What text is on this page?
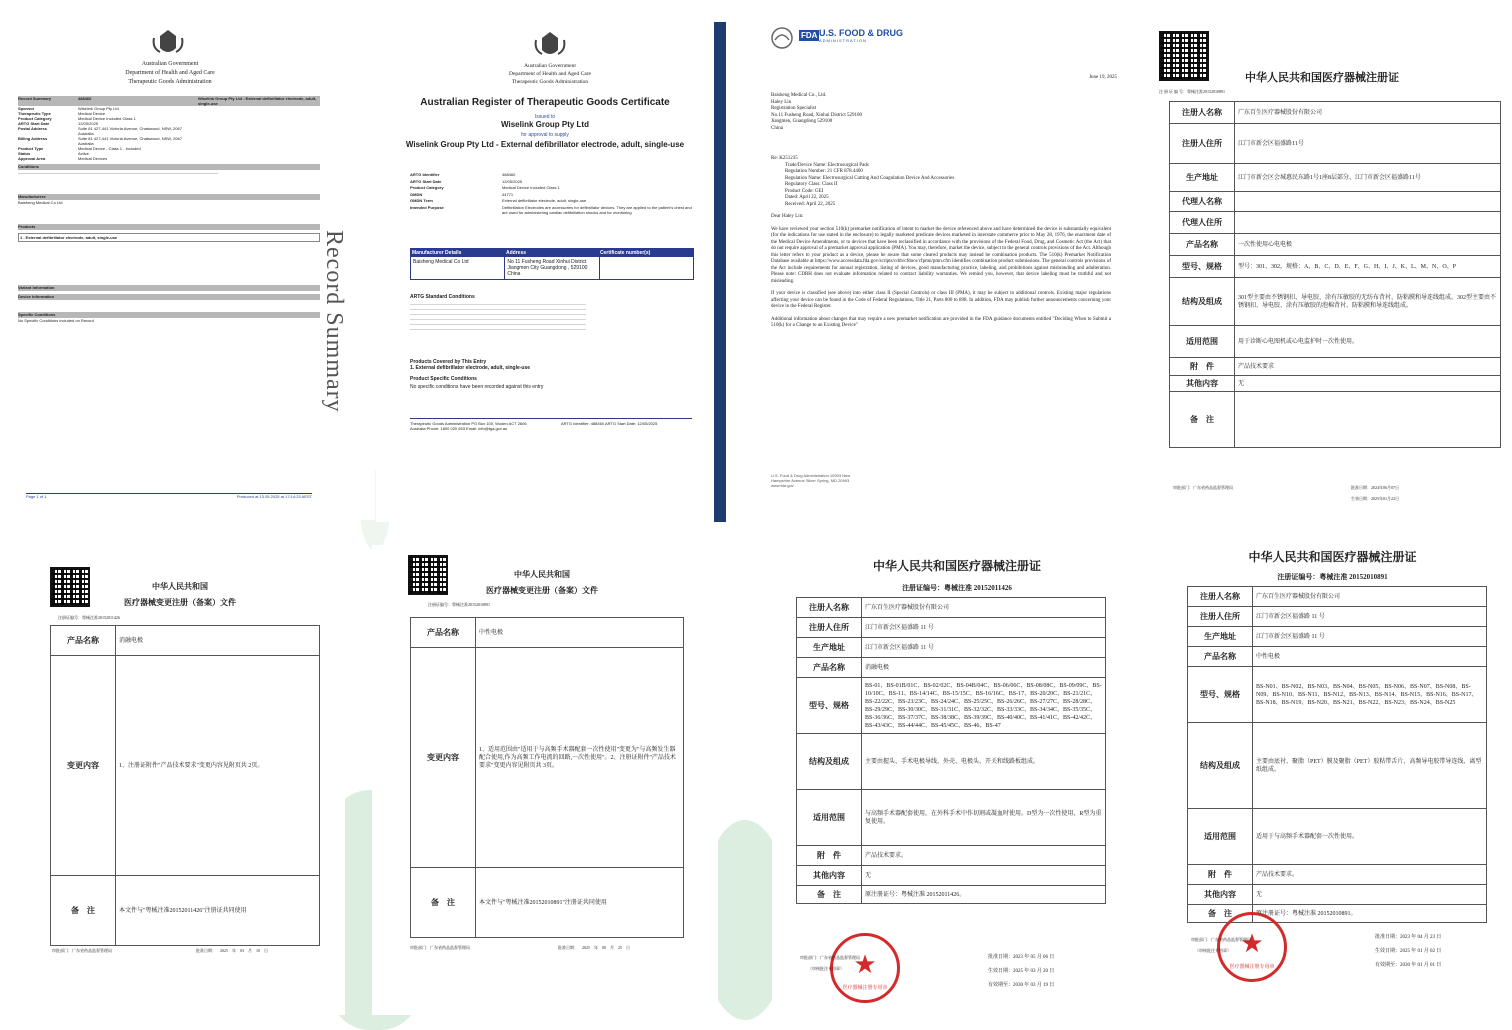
Australian Government
Department of Health and Aged Care
Therapeutic Goods Administration
Record Summary	488460	Wiselink Group Pty Ltd - External defibrillator electrode, adult, single-use
Sponsor	Wiselink Group Pty Ltd
Therapeutic Type	Medical Device
Product Category	Medical Device Included Class 1
ARTG Start Date	12/05/2025
Postal Address	Suite 81 427-441 Victoria Avenue, Chatswood, NSW, 2067 Australia
Billing Address	Suite 81 427-441 Victoria Avenue, Chatswood, NSW, 2067 Australia
Product Type	Medical Device - Class 1 - Included
Status	Active
Approval Area	Medical Devices
Conditions
——————————————————————————————————————————————————
Manufacturers
Baisheng Medical Co Ltd
Products
1 . External defibrillator electrode, adult, single-use
Variant Information
Device Information
Specific Conditions
No Specific Conditions included on Record	Record Summary
Page 1 of 1	Produced at 13.05.2025 at 17:14:23 AEST
Australian Government
Department of Health and Aged Care
Therapeutic Goods Administration
Australian Register of Therapeutic Goods Certificate
Issued to
Wiselink Group Pty Ltd
for approval to supply
Wiselink Group Pty Ltd - External defibrillator electrode, adult, single-use
ARTG Identifier	488460
ARTG Start Date	12/05/2025
Product Category	Medical Device Included Class 1
GMDN	44771
GMDN Term	External defibrillator electrode, adult, single-use
Intended Purpose	Defibrillation Electrodes are accessories for defibrillator devices. They are applied to the patient's chest and are used for administering cardiac defibrillation shocks and for monitoring
Manufacturer Details	Address	Certificate number(s)
Baisheng Medical Co Ltd	No 11 Fusheng Road Xinhui District Jiangmen City Guangdong , 529100 China
ARTG Standard Conditions
————————————————————————————————————————————
————————————————————————————————————————————
————————————————————————————————————————————
————————————————————————————————————————————
————————————————————————————————————————————
————————————————————————————————————————————
Products Covered by This Entry
1. External defibrillator electrode, adult, single-use
Product Specific Conditions
No specific conditions have been recorded against this entry
Therapeutic Goods Administration PO Box 100, Woden ACT 2606 Australia Phone: 1800 020 653 Email: info@tga.gov.au
ARTG Identifier: 488460 ARTG Start Date: 12/05/2025
FDA U.S. FOOD & DRUG
ADMINISTRATION
June 19, 2025
Baisheng Medical Co., Ltd.
Haley Lin
Registration Specialist
No.11 Fusheng Road, Xinhui District 529100
Jiangmen, Guangdong 529100
China
Re: K251235
Trade/Device Name: Electrosurgical Pads
Regulation Number: 21 CFR 878.4400
Regulation Name: Electrosurgical Cutting And Coagulation Device And Accessories
Regulatory Class: Class II
Product Code: GEI
Dated: April 22, 2025
Received: April 22, 2025
Dear Haley Lin:
We have reviewed your section 510(k) premarket notification of intent to market the device referenced above and have determined the device is substantially equivalent (for the indications for use stated in the enclosure) to legally marketed predicate devices marketed in interstate commerce prior to May 28, 1976, the enactment date of the Medical Device Amendments, or to devices that have been reclassified in accordance with the provisions of the Federal Food, Drug, and Cosmetic Act (the Act) that do not require approval of a premarket approval application (PMA). You may, therefore, market the device, subject to the general controls provisions of the Act. Although this letter refers to your product as a device, please be aware that some cleared products may instead be combination products. The 510(k) Premarket Notification Database available at https://www.accessdata.fda.gov/scripts/cdrh/cfdocs/cfpmn/pmn.cfm identifies combination product submissions. The general controls provisions of the Act include requirements for annual registration, listing of devices, good manufacturing practice, labeling, and prohibitions against misbranding and adulteration. Please note: CDRH does not evaluate information related to contract liability warranties. We remind you, however, that device labeling must be truthful and not misleading.
If your device is classified (see above) into either class II (Special Controls) or class III (PMA), it may be subject to additional controls. Existing major regulations affecting your device can be found in the Code of Federal Regulations, Title 21, Parts 800 to 898. In addition, FDA may publish further announcements concerning your device in the Federal Register.
Additional information about changes that may require a new premarket notification are provided in the FDA guidance documents entitled "Deciding When to Submit a 510(k) for a Change to an Existing Device"
U.S. Food & Drug Administration 10903 New Hampshire Avenue Silver Spring, MD 20993 www.fda.gov
中华人民共和国医疗器械注册证
注 册 证 编 号：粤械注准20152010891
注册人名称	广东百生医疗器械股份有限公司
注册人住所	江门市新会区福盛路11号
生产地址	江门市新会区会城惠民东路1号1座8层部分、江门市新会区福盛路11号
代理人名称	
代理人住所	
产品名称	一次性使用心电电极
型号、规格	型号：301、302，规格：A、B、C、D、E、F、G、H、I、J、K、L、M、N、O、P
结构及组成	301型主要由不锈钢扣、导电胶、涂有压敏胶的无纺布背衬、防粘膜和导连线组成。302型主要由不锈钢扣、导电胶、涂有压敏胶的泡棉背衬、防粘膜和导连线组成。
适用范围	用于诊断心电图机或心电监护时一次性使用。
附　件	产品技术要求
其他内容	无
备　注	
审批部门：广东省药品监督管理局	批准日期：2024年06月07日
生效日期：2025年01月22日
中华人民共和国
医疗器械变更注册（备案）文件
注册证编号：粤械注准20152011426
产品名称	消融电极
变更内容	1、注册证附件"产品技术要求"变更内容见附页共 2页。
备　注	本文件与"粤械注准20152011426"注册证共同使用
审批部门：广东省药品监督管理局	批准日期：　2025　年　03　月　10　日
中华人民共和国
医疗器械变更注册（备案）文件
注册证编号：粤械注准20152010891
产品名称	中性电极
变更内容	1、适用范围由"适用于与高频手术器配套一次性使用"变更为"与高频发生器配合使用,作为高频工作电流的回路,一次性使用"。2、注册证附件"产品技术要求"变更内容见附页共 3页。
备　注	本文件与"粤械注准20152010891"注册证共同使用
审批部门：广东省药品监督管理局	批准日期：　2025　年　00　月　25　日
中华人民共和国医疗器械注册证
注册证编号：粤械注准 20152011426
注册人名称	广东百生医疗器械股份有限公司
注册人住所	江门市新会区福盛路 11 号
生产地址	江门市新会区福盛路 11 号
产品名称	消融电极
型号、规格	BS-01、BS-01B/01C、BS-02/02C、BS-04B/04C、BS-06/06C、BS-08/08C、BS-09/09C、BS-10/10C、BS-11、BS-14/14C、BS-15/15C、BS-16/16C、BS-17、BS-20/20C、BS-21/21C、BS-22/22C、BS-23/23C、BS-24/24C、BS-25/25C、BS-26/26C、BS-27/27C、BS-28/28C、BS-29/29C、BS-30/30C、BS-31/31C、BS-32/32C、BS-33/33C、BS-34/34C、BS-35/35C、BS-36/36C、BS-37/37C、BS-38/38C、BS-39/39C、BS-40/40C、BS-41/41C、BS-42/42C、BS-43/43C、BS-44/44C、BS-45/45C、BS-46、BS-47
结构及组成	主要由握头、手术电极导线、外壳、电极头、开关和线路板组成。
适用范围	与高频手术器配套使用，在外科手术中作切割或凝血时使用。D型为一次性使用，R型为重复使用。
附　件	产品技术要求。
其他内容	无
备　注	原注册证号：粤械注准 20152011426。
★
医疗器械注册专用章
审批部门：广东省药品监督管理局
（审核批注专用章）
批准日期：2023 年 05 月 06 日
生效日期：2025 年 03 月 20 日
有效期至：2030 年 03 月 19 日
中华人民共和国医疗器械注册证
注册证编号：粤械注准 20152010891
注册人名称	广东百生医疗器械股份有限公司
注册人住所	江门市新会区福盛路 11 号
生产地址	江门市新会区福盛路 11 号
产品名称	中性电极
型号、规格	BS-N01、BS-N02、BS-N03、BS-N04、BS-N05、BS-N06、BS-N07、BS-N08、BS-N09、BS-N10、BS-N11、BS-N12、BS-N13、BS-N14、BS-N15、BS-N16、BS-N17、BS-N18、BS-N19、BS-N20、BS-N21、BS-N22、BS-N23、BS-N24、BS-N25
结构及组成	主要由底衬、聚脂（PET）膜及聚脂（PET）胶粘带舌片、高频导电胶带导连线、离型纸组成。
适用范围	适用于与高频手术器配套一次性使用。
附　件	产品技术要求。
其他内容	无
备　注	原注册证号：粤械注准 20152010891。
★
医疗器械注册专用章
审批部门：广东省药品监督管理局
（审核批注专用章）
批准日期：2023 年 04 月 23 日
生效日期：2025 年 01 月 02 日
有效期至：2030 年 01 月 01 日
